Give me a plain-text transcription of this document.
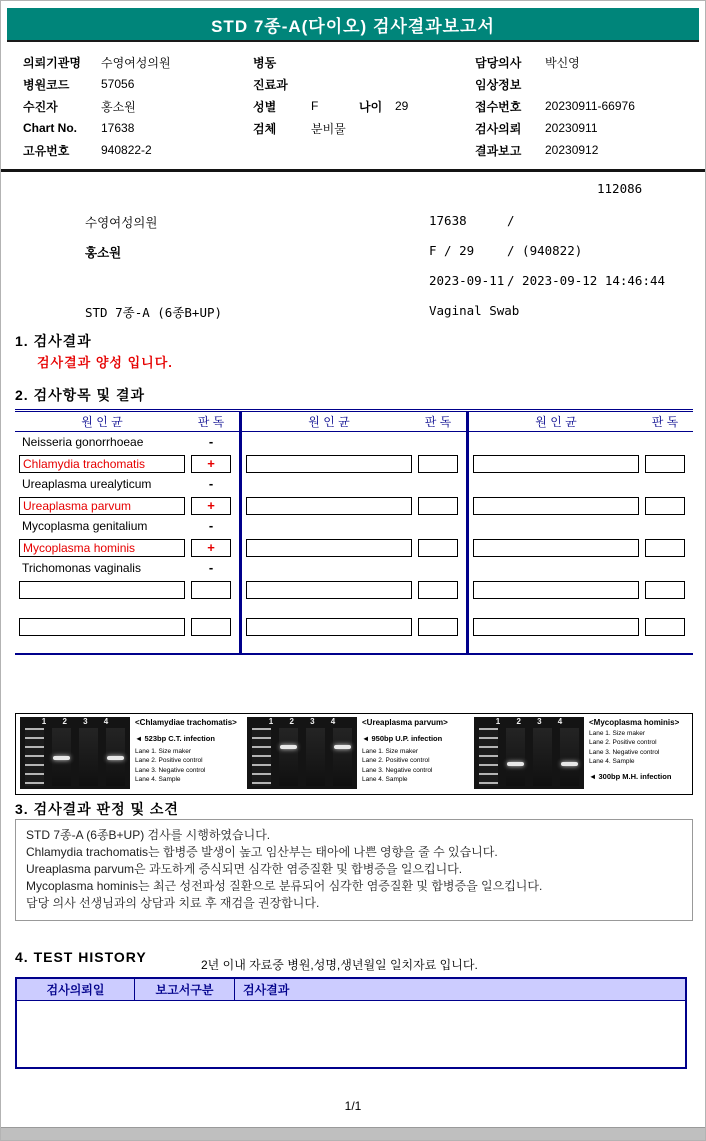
STD 7종-A(다이오) 검사결과보고서
의뢰기관명	수영여성의원
병원코드	57056
수진자	홍소원
Chart No.	17638
고유번호	940822-2
병동
진료과
성별	F	나이	29
검체	분비물
담당의사	박신영
임상정보
접수번호	20230911-66976
검사의뢰	20230911
결과보고	20230912
112086
수영여성의원	17638	/
홍소원	F / 29	/ (940822)
2023-09-11 / 2023-09-12 14:46:44
STD 7종-A (6종B+UP)	Vaginal Swab
1. 검사결과
검사결과 양성 입니다.
2. 검사항목 및 결과
원 인 균	판 독
Neisseria gonorrhoeae	-
Chlamydia trachomatis	+
Ureaplasma urealyticum	-
Ureaplasma parvum	+
Mycoplasma genitalium	-
Mycoplasma hominis	+
Trichomonas vaginalis	-
원 인 균	판 독	원 인 균	판 독
1 2 3 4	<Chlamydiae trachomatis>
◄ 523bp C.T. infection
Lane 1. Size maker
Lane 2. Positive control
Lane 3. Negative control
Lane 4. Sample
1 2 3 4	<Ureaplasma parvum>
◄ 950bp U.P. infection
Lane 1. Size maker
Lane 2. Positive control
Lane 3. Negative control
Lane 4. Sample
1 2 3 4	<Mycoplasma hominis>
Lane 1. Size maker
Lane 2. Positive control
Lane 3. Negative control
Lane 4. Sample
◄ 300bp M.H. infection
3. 검사결과 판정 및 소견
STD 7종-A (6종B+UP) 검사를 시행하였습니다.
Chlamydia trachomatis는 합병증 발생이 높고 임산부는 태아에 나쁜 영향을 줄 수 있습니다.
Ureaplasma parvum은 과도하게 증식되면 심각한 염증질환 및 합병증을 일으킵니다.
Mycoplasma hominis는 최근 성전파성 질환으로 분류되어 심각한 염증질환 및 합병증을 일으킵니다.
담당 의사 선생님과의 상담과 치료 후 재검을 권장합니다.
4. TEST HISTORY	2년 이내 자료중 병원,성명,생년월일 일치자료 입니다.
검사의뢰일	보고서구분	검사결과
1/1
